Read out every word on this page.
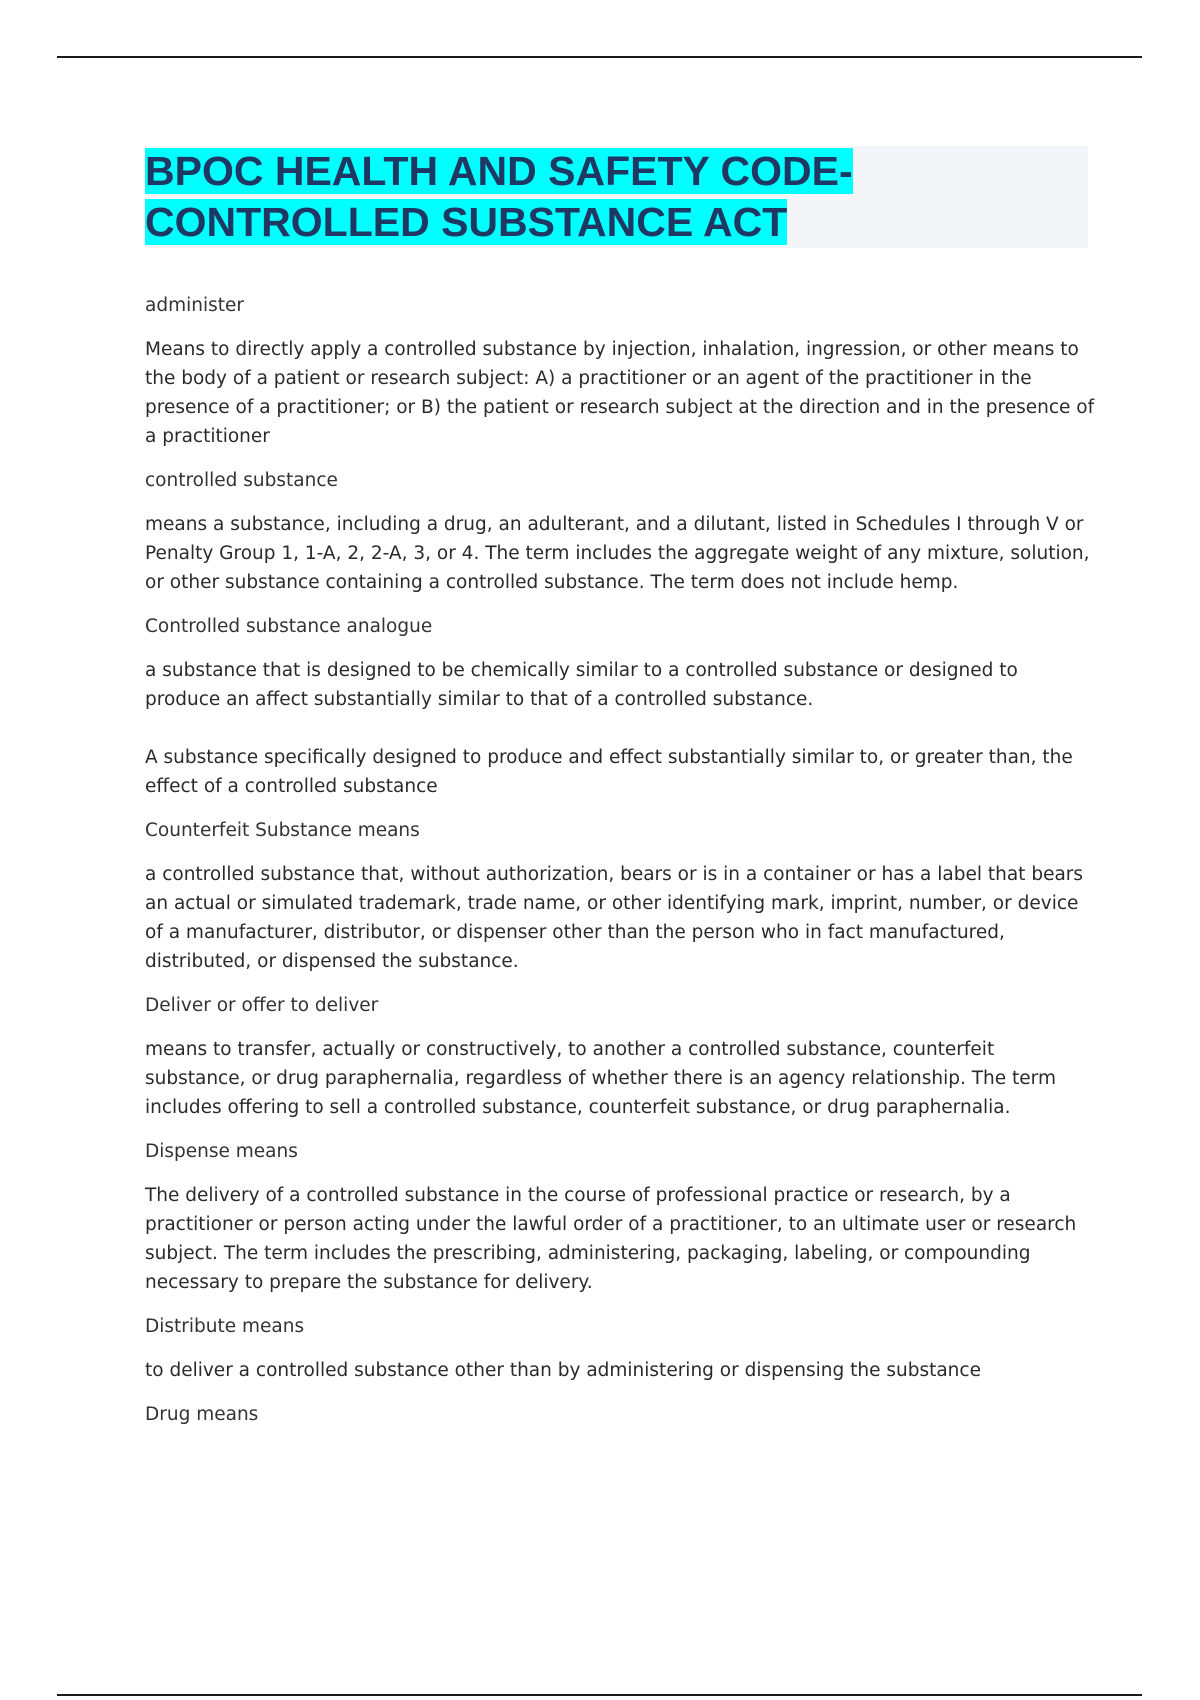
BPOC HEALTH AND SAFETY CODE-
CONTROLLED SUBSTANCE ACT

administer

Means to directly apply a controlled substance by injection, inhalation, ingression, or other means to the body of a patient or research subject: A) a practitioner or an agent of the practitioner in the presence of a practitioner; or B) the patient or research subject at the direction and in the presence of a practitioner

controlled substance

means a substance, including a drug, an adulterant, and a dilutant, listed in Schedules I through V or Penalty Group 1, 1-A, 2, 2-A, 3, or 4. The term includes the aggregate weight of any mixture, solution, or other substance containing a controlled substance. The term does not include hemp.

Controlled substance analogue

a substance that is designed to be chemically similar to a controlled substance or designed to produce an affect substantially similar to that of a controlled substance.

A substance specifically designed to produce and effect substantially similar to, or greater than, the effect of a controlled substance

Counterfeit Substance means

a controlled substance that, without authorization, bears or is in a container or has a label that bears an actual or simulated trademark, trade name, or other identifying mark, imprint, number, or device of a manufacturer, distributor, or dispenser other than the person who in fact manufactured, distributed, or dispensed the substance.

Deliver or offer to deliver

means to transfer, actually or constructively, to another a controlled substance, counterfeit substance, or drug paraphernalia, regardless of whether there is an agency relationship. The term includes offering to sell a controlled substance, counterfeit substance, or drug paraphernalia.

Dispense means

The delivery of a controlled substance in the course of professional practice or research, by a practitioner or person acting under the lawful order of a practitioner, to an ultimate user or research subject. The term includes the prescribing, administering, packaging, labeling, or compounding necessary to prepare the substance for delivery.

Distribute means

to deliver a controlled substance other than by administering or dispensing the substance

Drug means
